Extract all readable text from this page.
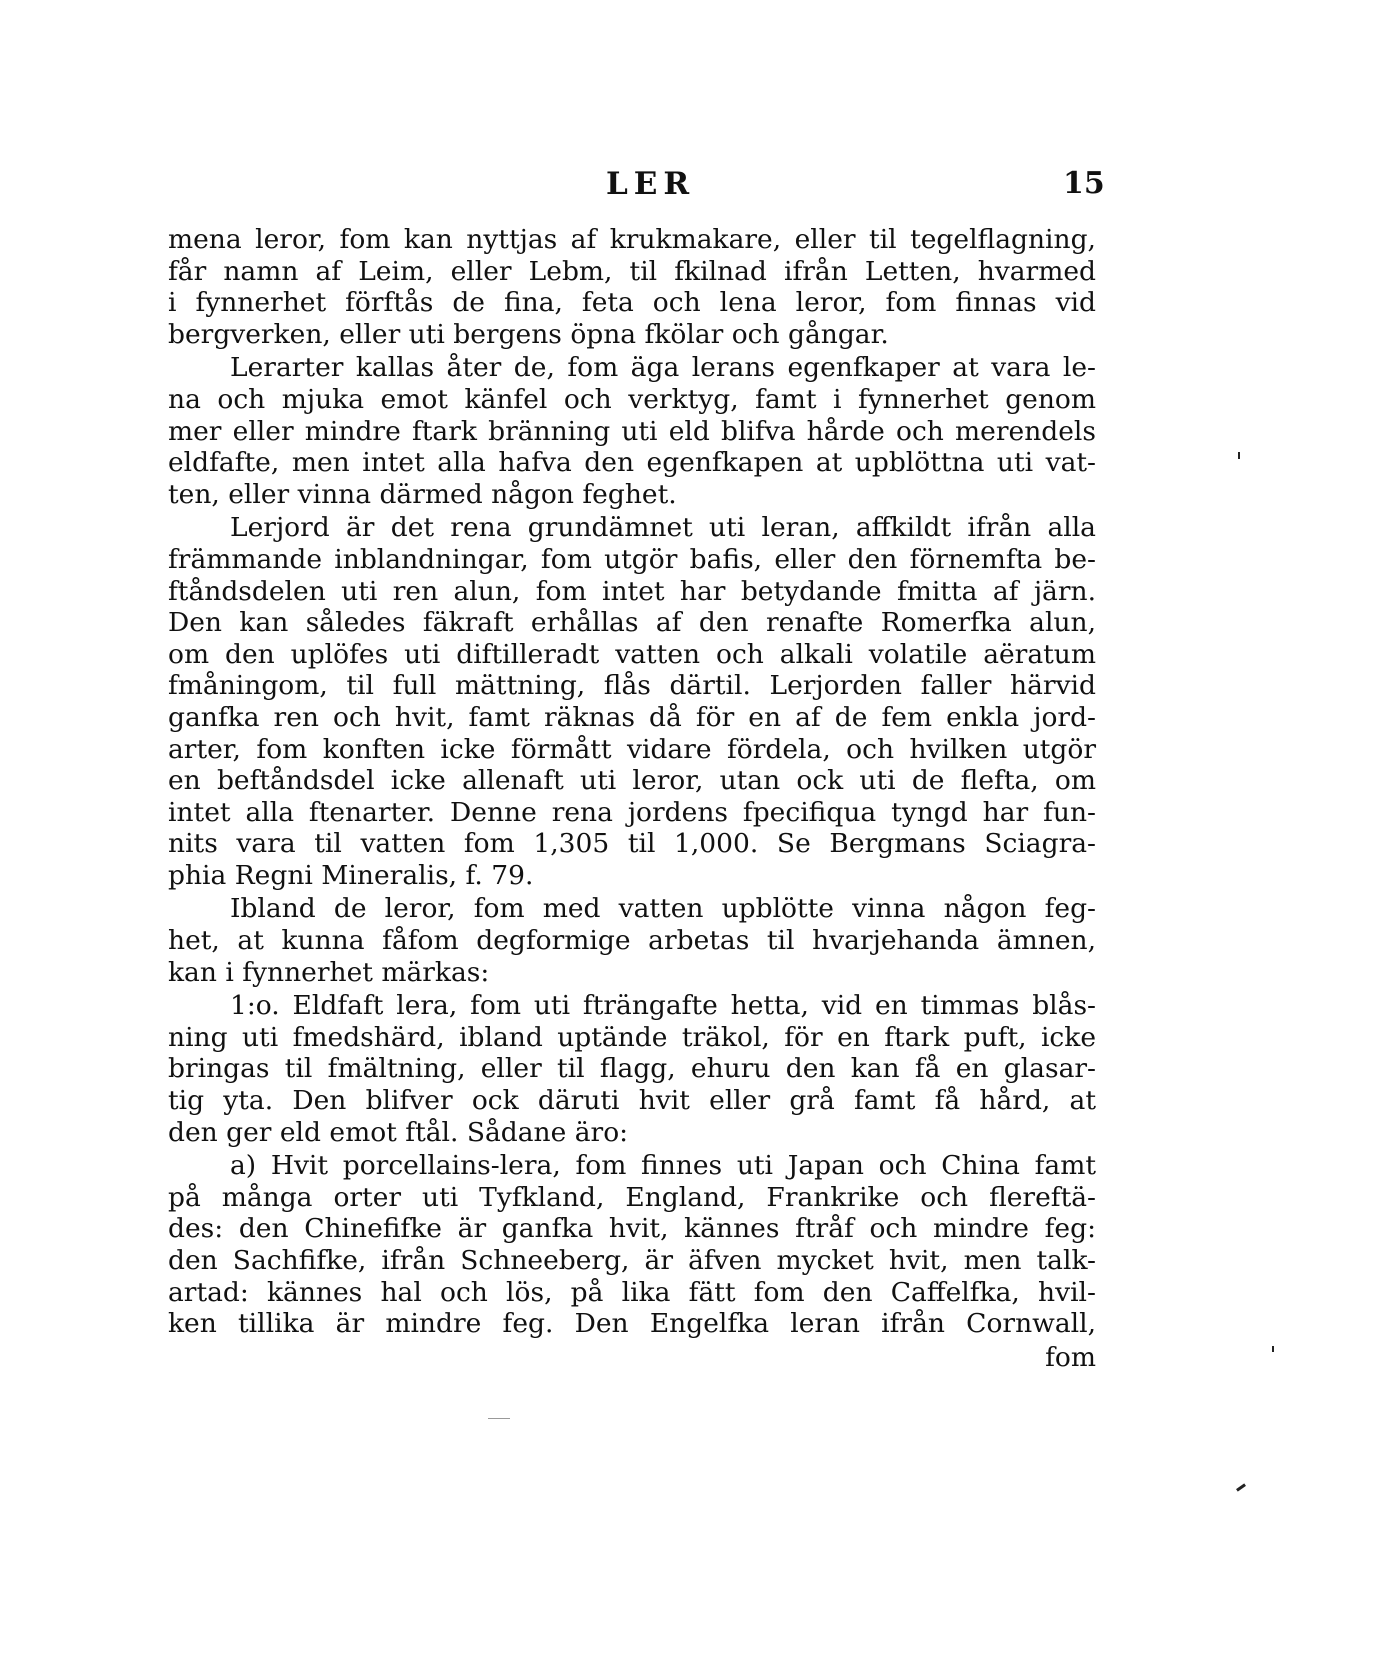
LER	15
mena leror, fom kan nyttjas af krukmakare, eller til tegelflagning,
får namn af Leim, eller Lebm, til fkilnad ifrån Letten, hvarmed
i fynnerhet förftås de fina, feta och lena leror, fom finnas vid
bergverken, eller uti bergens öpna fkölar och gångar.
Lerarter kallas åter de, fom äga lerans egenfkaper at vara le-
na och mjuka emot känfel och verktyg, famt i fynnerhet genom
mer eller mindre ftark bränning uti eld blifva hårde och merendels
eldfafte, men intet alla hafva den egenfkapen at upblöttna uti vat-
ten, eller vinna därmed någon feghet.
Lerjord är det rena grundämnet uti leran, affkildt ifrån alla
främmande inblandningar, fom utgör bafis, eller den förnemfta be-
ftåndsdelen uti ren alun, fom intet har betydande fmitta af järn.
Den kan således fäkraft erhållas af den renafte Romerfka alun,
om den uplöfes uti diftilleradt vatten och alkali volatile aëratum
fmåningom, til full mättning, flås därtil. Lerjorden faller härvid
ganfka ren och hvit, famt räknas då för en af de fem enkla jord-
arter, fom konften icke förmått vidare fördela, och hvilken utgör
en beftåndsdel icke allenaft uti leror, utan ock uti de flefta, om
intet alla ftenarter. Denne rena jordens fpecifiqua tyngd har fun-
nits vara til vatten fom 1,305 til 1,000. Se Bergmans Sciagra-
phia Regni Mineralis, f. 79.
Ibland de leror, fom med vatten upblötte vinna någon feg-
het, at kunna fåfom degformige arbetas til hvarjehanda ämnen,
kan i fynnerhet märkas:
1:o. Eldfaft lera, fom uti fträngafte hetta, vid en timmas blås-
ning uti fmedshärd, ibland uptände träkol, för en ftark puft, icke
bringas til fmältning, eller til flagg, ehuru den kan få en glasar-
tig yta. Den blifver ock däruti hvit eller grå famt få hård, at
den ger eld emot ftål. Sådane äro:
a) Hvit porcellains-lera, fom finnes uti Japan och China famt
på många orter uti Tyfkland, England, Frankrike och flereftä-
des: den Chinefifke är ganfka hvit, kännes ftråf och mindre feg:
den Sachfifke, ifrån Schneeberg, är äfven mycket hvit, men talk-
artad: kännes hal och lös, på lika fätt fom den Caffelfka, hvil-
ken tillika är mindre feg. Den Engelfka leran ifrån Cornwall,
fom
